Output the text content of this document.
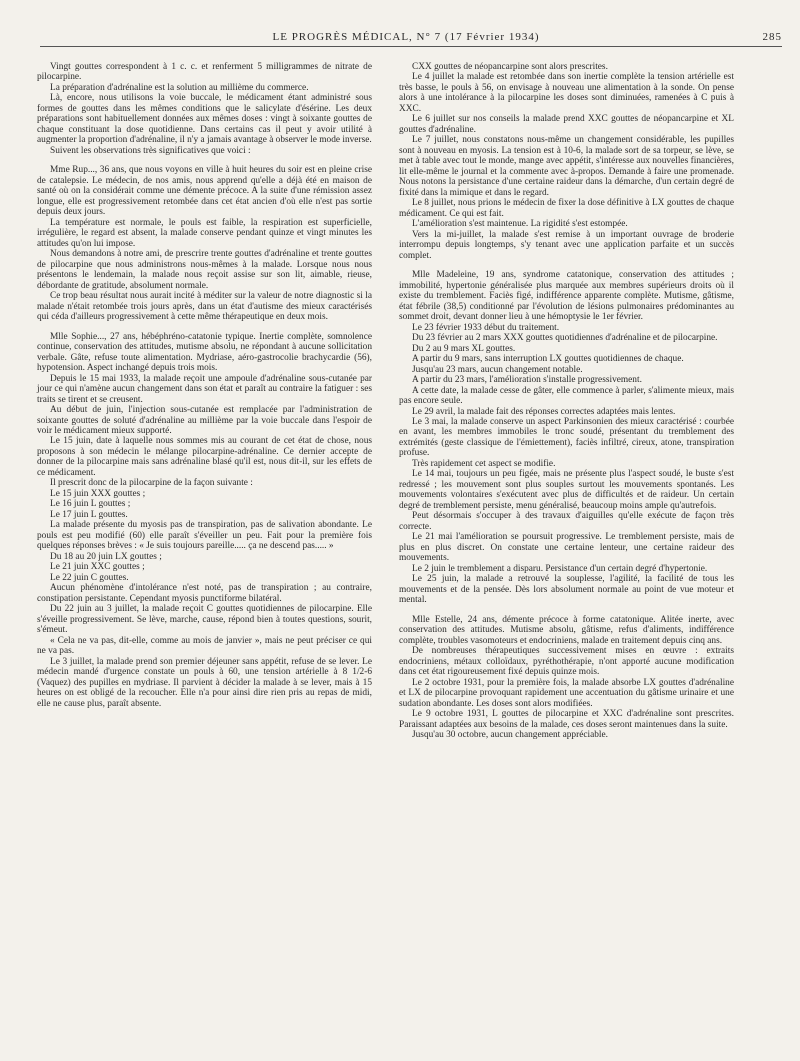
LE PROGRÈS MÉDICAL, N° 7 (17 Février 1934)	285

Vingt gouttes correspondent à 1 c. c. et renferment 5 milligrammes de nitrate de pilocarpine.

La préparation d'adrénaline est la solution au millième du commerce.

Là, encore, nous utilisons la voie buccale, le médicament étant administré sous formes de gouttes dans les mêmes conditions que le salicylate d'ésérine. Les deux préparations sont habituellement données aux mêmes doses : vingt à soixante gouttes de chaque constituant la dose quotidienne. Dans certains cas il peut y avoir utilité à augmenter la proportion d'adrénaline, il n'y a jamais avantage à observer le mode inverse.

Suivent les observations très significatives que voici :

Mme Rup..., 36 ans, que nous voyons en ville à huit heures du soir est en pleine crise de catalepsie. Le médecin, de nos amis, nous apprend qu'elle a déjà été en maison de santé où on la considérait comme une démente précoce. A la suite d'une rémission assez longue, elle est progressivement retombée dans cet état ancien d'où elle n'est pas sortie depuis deux jours.

La température est normale, le pouls est faible, la respiration est superficielle, irrégulière, le regard est absent, la malade conserve pendant quinze et vingt minutes les attitudes qu'on lui impose.

Nous demandons à notre ami, de prescrire trente gouttes d'adrénaline et trente gouttes de pilocarpine que nous administrons nous-mêmes à la malade. Lorsque nous nous présentons le lendemain, la malade nous reçoit assise sur son lit, aimable, rieuse, débordante de gratitude, absolument normale.

Ce trop beau résultat nous aurait incité à méditer sur la valeur de notre diagnostic si la malade n'était retombée trois jours après, dans un état d'autisme des mieux caractérisés qui céda d'ailleurs progressivement à cette même thérapeutique en deux mois.

Mlle Sophie..., 27 ans, hébéphréno-catatonie typique. Inertie complète, somnolence continue, conservation des attitudes, mutisme absolu, ne répondant à aucune sollicitation verbale. Gâte, refuse toute alimentation. Mydriase, aéro-gastrocolie brachycardie (56), hypotension. Aspect inchangé depuis trois mois.

Depuis le 15 mai 1933, la malade reçoit une ampoule d'adrénaline sous-cutanée par jour ce qui n'amène aucun changement dans son état et paraît au contraire la fatiguer : ses traits se tirent et se creusent.

Au début de juin, l'injection sous-cutanée est remplacée par l'administration de soixante gouttes de soluté d'adrénaline au millième par la voie buccale dans l'espoir de voir le médicament mieux supporté.

Le 15 juin, date à laquelle nous sommes mis au courant de cet état de chose, nous proposons à son médecin le mélange pilocarpine-adrénaline. Ce dernier accepte de donner de la pilocarpine mais sans adrénaline blasé qu'il est, nous dit-il, sur les effets de ce médicament.

Il prescrit donc de la pilocarpine de la façon suivante :

Le 15 juin XXX gouttes ;

Le 16 juin L gouttes ;

Le 17 juin L gouttes.

La malade présente du myosis pas de transpiration, pas de salivation abondante. Le pouls est peu modifié (60) elle paraît s'éveiller un peu. Fait pour la première fois quelques réponses brèves : « Je suis toujours pareille..... ça ne descend pas..... »

Du 18 au 20 juin LX gouttes ;

Le 21 juin XXC gouttes ;

Le 22 juin C gouttes.

Aucun phénomène d'intolérance n'est noté, pas de transpiration ; au contraire, constipation persistante. Cependant myosis punctiforme bilatéral.

Du 22 juin au 3 juillet, la malade reçoit C gouttes quotidiennes de pilocarpine. Elle s'éveille progressivement. Se lève, marche, cause, répond bien à toutes questions, sourit, s'émeut.

« Cela ne va pas, dit-elle, comme au mois de janvier », mais ne peut préciser ce qui ne va pas.

Le 3 juillet, la malade prend son premier déjeuner sans appétit, refuse de se lever. Le médecin mandé d'urgence constate un pouls à 60, une tension artérielle à 8 1/2-6 (Vaquez) des pupilles en mydriase. Il parvient à décider la malade à se lever, mais à 15 heures on est obligé de la recoucher. Elle n'a pour ainsi dire rien pris au repas de midi, elle ne cause plus, paraît absente.

CXX gouttes de néopancarpine sont alors prescrites.

Le 4 juillet la malade est retombée dans son inertie complète la tension artérielle est très basse, le pouls à 56, on envisage à nouveau une alimentation à la sonde. On pense alors à une intolérance à la pilocarpine les doses sont diminuées, ramenées à C puis à XXC.

Le 6 juillet sur nos conseils la malade prend XXC gouttes de néopancarpine et XL gouttes d'adrénaline.

Le 7 juillet, nous constatons nous-même un changement considérable, les pupilles sont à nouveau en myosis. La tension est à 10-6, la malade sort de sa torpeur, se lève, se met à table avec tout le monde, mange avec appétit, s'intéresse aux nouvelles financières, lit elle-même le journal et la commente avec à-propos. Demande à faire une promenade. Nous notons la persistance d'une certaine raideur dans la démarche, d'un certain degré de fixité dans la mimique et dans le regard.

Le 8 juillet, nous prions le médecin de fixer la dose définitive à LX gouttes de chaque médicament. Ce qui est fait.

L'amélioration s'est maintenue. La rigidité s'est estompée.

Vers la mi-juillet, la malade s'est remise à un important ouvrage de broderie interrompu depuis longtemps, s'y tenant avec une application parfaite et un succès complet.

Mlle Madeleine, 19 ans, syndrome catatonique, conservation des attitudes ; immobilité, hypertonie généralisée plus marquée aux membres supérieurs droits où il existe du tremblement. Faciès figé, indifférence apparente complète. Mutisme, gâtisme, état fébrile (38,5) conditionné par l'évolution de lésions pulmonaires prédominantes au sommet droit, devant donner lieu à une hémoptysie le 1er février.

Le 23 février 1933 début du traitement.

Du 23 février au 2 mars XXX gouttes quotidiennes d'adrénaline et de pilocarpine.

Du 2 au 9 mars XL gouttes.

A partir du 9 mars, sans interruption LX gouttes quotidiennes de chaque.

Jusqu'au 23 mars, aucun changement notable.

A partir du 23 mars, l'amélioration s'installe progressivement.

A cette date, la malade cesse de gâter, elle commence à parler, s'alimente mieux, mais pas encore seule.

Le 29 avril, la malade fait des réponses correctes adaptées mais lentes.

Le 3 mai, la malade conserve un aspect Parkinsonien des mieux caractérisé : courbée en avant, les membres immobiles le tronc soudé, présentant du tremblement des extrémités (geste classique de l'émiettement), faciès infiltré, cireux, atone, transpiration profuse.

Très rapidement cet aspect se modifie.

Le 14 mai, toujours un peu figée, mais ne présente plus l'aspect soudé, le buste s'est redressé ; les mouvement sont plus souples surtout les mouvements spontanés. Les mouvements volontaires s'exécutent avec plus de difficultés et de raideur. Un certain degré de tremblement persiste, menu généralisé, beaucoup moins ample qu'autrefois.

Peut désormais s'occuper à des travaux d'aiguilles qu'elle exécute de façon très correcte.

Le 21 mai l'amélioration se poursuit progressive. Le tremblement persiste, mais de plus en plus discret. On constate une certaine lenteur, une certaine raideur des mouvements.

Le 2 juin le tremblement a disparu. Persistance d'un certain degré d'hypertonie.

Le 25 juin, la malade a retrouvé la souplesse, l'agilité, la facilité de tous les mouvements et de la pensée. Dès lors absolument normale au point de vue moteur et mental.

Mlle Estelle, 24 ans, démente précoce à forme catatonique. Alitée inerte, avec conservation des attitudes. Mutisme absolu, gâtisme, refus d'aliments, indifférence complète, troubles vasomoteurs et endocriniens, malade en traitement depuis cinq ans.

De nombreuses thérapeutiques successivement mises en œuvre : extraits endocriniens, métaux colloïdaux, pyréthothérapie, n'ont apporté aucune modification dans cet état rigoureusement fixé depuis quinze mois.

Le 2 octobre 1931, pour la première fois, la malade absorbe LX gouttes d'adrénaline et LX de pilocarpine provoquant rapidement une accentuation du gâtisme urinaire et une sudation abondante. Les doses sont alors modifiées.

Le 9 octobre 1931, L gouttes de pilocarpine et XXC d'adrénaline sont prescrites. Paraissant adaptées aux besoins de la malade, ces doses seront maintenues dans la suite.

Jusqu'au 30 octobre, aucun changement appréciable.
